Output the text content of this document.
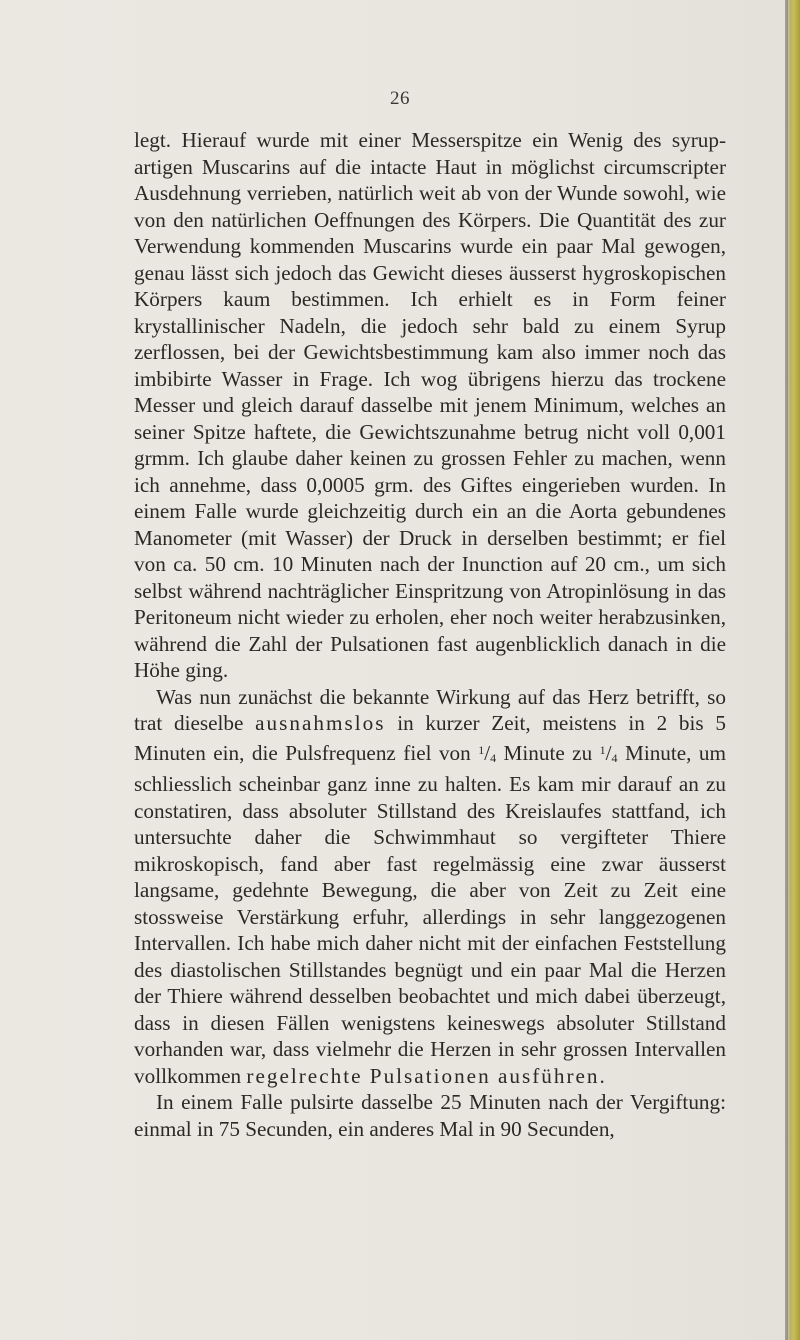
26

legt. Hierauf wurde mit einer Messerspitze ein Wenig des syrup-artigen Muscarins auf die intacte Haut in möglichst circumscripter Ausdehnung verrieben, natürlich weit ab von der Wunde sowohl, wie von den natürlichen Oeffnungen des Körpers. Die Quantität des zur Verwendung kommenden Muscarins wurde ein paar Mal gewogen, genau lässt sich jedoch das Gewicht dieses äusserst hygroskopischen Körpers kaum bestimmen. Ich erhielt es in Form feiner krystallinischer Nadeln, die jedoch sehr bald zu einem Syrup zerflossen, bei der Gewichtsbestimmung kam also immer noch das imbibirte Wasser in Frage. Ich wog übrigens hierzu das trockene Messer und gleich darauf dasselbe mit jenem Minimum, welches an seiner Spitze haftete, die Gewichtszunahme betrug nicht voll 0,001 grmm. Ich glaube daher keinen zu grossen Fehler zu machen, wenn ich annehme, dass 0,0005 grm. des Giftes eingerieben wurden. In einem Falle wurde gleichzeitig durch ein an die Aorta gebundenes Manometer (mit Wasser) der Druck in derselben bestimmt; er fiel von ca. 50 cm. 10 Minuten nach der Inunction auf 20 cm., um sich selbst während nachträglicher Einspritzung von Atropinlösung in das Peritoneum nicht wieder zu erholen, eher noch weiter herabzusinken, während die Zahl der Pulsationen fast augenblicklich danach in die Höhe ging.

Was nun zunächst die bekannte Wirkung auf das Herz betrifft, so trat dieselbe ausnahmslos in kurzer Zeit, meistens in 2 bis 5 Minuten ein, die Pulsfrequenz fiel von $^1/_4$ Minute zu $^1/_4$ Minute, um schliesslich scheinbar ganz inne zu halten. Es kam mir darauf an zu constatiren, dass absoluter Stillstand des Kreislaufes stattfand, ich untersuchte daher die Schwimmhaut so vergifteter Thiere mikroskopisch, fand aber fast regelmässig eine zwar äusserst langsame, gedehnte Bewegung, die aber von Zeit zu Zeit eine stossweise Verstärkung erfuhr, allerdings in sehr langgezogenen Intervallen. Ich habe mich daher nicht mit der einfachen Feststellung des diastolischen Stillstandes begnügt und ein paar Mal die Herzen der Thiere während desselben beobachtet und mich dabei überzeugt, dass in diesen Fällen wenigstens keineswegs absoluter Stillstand vorhanden war, dass vielmehr die Herzen in sehr grossen Intervallen vollkommen regelrechte Pulsationen ausführen.

In einem Falle pulsirte dasselbe 25 Minuten nach der Vergiftung: einmal in 75 Secunden, ein anderes Mal in 90 Secunden,
